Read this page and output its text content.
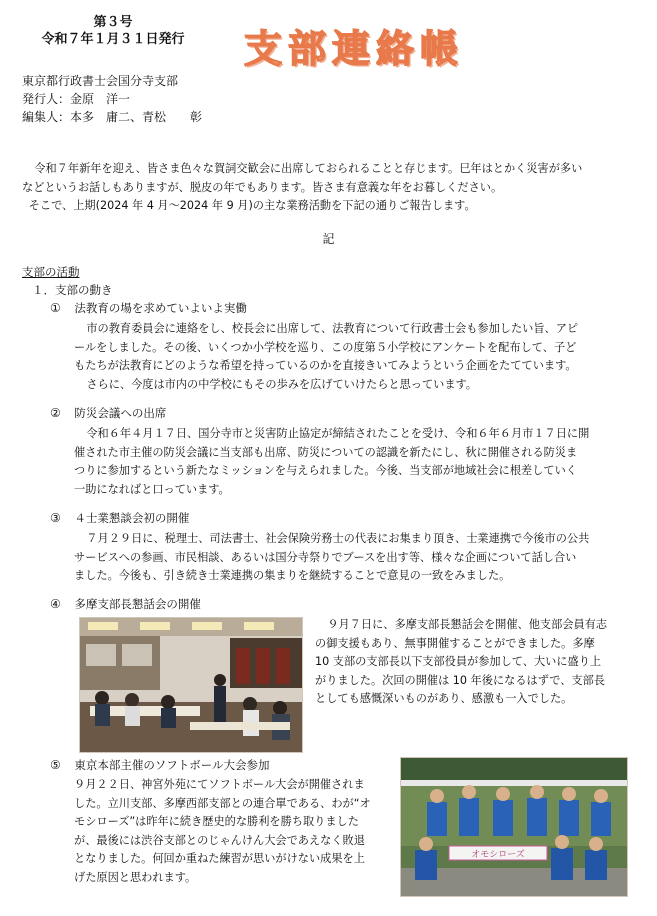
第３号
令和７年１月３１日発行	支部連絡帳
東京都行政書士会国分寺支部
発行人：金原　洋一
編集人：本多　庸二、青松　　彰

令和７年新年を迎え、皆さま色々な賀詞交歓会に出席しておられることと存じます。巳年はとかく災害が多い

などというお話しもありますが、脱皮の年でもあります。皆さま有意義な年をお暮しください。

そこで、上期(2024 年 4 月～2024 年 9 月)の主な業務活動を下記の通りご報告します。

記
支部の活動
１．支部の動き
① 法教育の場を求めていよいよ実働

市の教育委員会に連絡をし、校長会に出席して、法教育について行政書士会も参加したい旨、アピ

ールをしました。その後、いくつか小学校を巡り、この度第５小学校にアンケートを配布して、子ど

もたちが法教育にどのような希望を持っているのかを直接きいてみようという企画をたてています。

さらに、今度は市内の中学校にもその歩みを広げていけたらと思っています。

② 防災会議への出席

令和６年４月１７日、国分寺市と災害防止協定が締結されたことを受け、令和６年６月市１７日に開

催された市主催の防災会議に当支部も出席、防災についての認識を新たにし、秋に開催される防災ま

つりに参加するという新たなミッションを与えられました。今後、当支部が地域社会に根差していく

一助になればと口っています。

③ ４士業懇談会初の開催

７月２９日に、税理士、司法書士、社会保険労務士の代表にお集まり頂き、士業連携で今後市の公共

サービスへの参画、市民相談、あるいは国分寺祭りでブースを出す等、様々な企画について話し合い

ました。今後も、引き続き士業連携の集まりを継続することで意見の一致をみました。

④ 多摩支部長懇話会の開催

９月７日に、多摩支部長懇話会を開催、他支部会員有志

の御支援もあり、無事開催することができました。多摩

10 支部の支部長以下支部役員が参加して、大いに盛り上

がりました。次回の開催は 10 年後になるはずで、支部長

としても感慨深いものがあり、感激も一入でした。

⑤ 東京本部主催のソフトボール大会参加

９月２２日、神宮外苑にてソフトボール大会が開催されま

した。立川支部、多摩西部支部との連合單である、わが“オ

モシローズ”は昨年に続き歴史的な勝利を勝ち取りました

が、最後には渋谷支部とのじゃんけん大会であえなく敗退

となりました。何回か重ねた練習が思いがけない成果を上

げた原因と思われます。

オモシローズ
